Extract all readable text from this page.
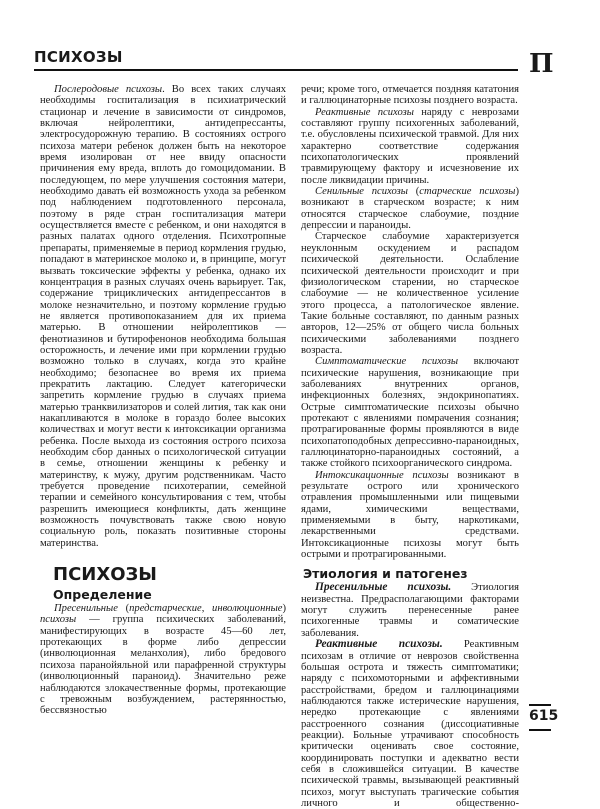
ПСИХОЗЫ	П

Послеродовые психозы. Во всех таких случаях необходимы госпитализация в психиатрический стационар и лечение в зависимости от синдромов, включая нейролептики, антидепрессанты, электросудорожную терапию. В состояниях острого психоза матери ребенок должен быть на некоторое время изолирован от нее ввиду опасности причинения ему вреда, вплоть до гомоцидомании. В последующем, по мере улучшения состояния матери, необходимо давать ей возможность ухода за ребенком под наблюдением подготовленного персонала, поэтому в ряде стран госпитализация матери осуществляется вместе с ребенком, и они находятся в разных палатах одного отделения. Психотропные препараты, применяемые в период кормления грудью, попадают в материнское молоко и, в принципе, могут вызвать токсические эффекты у ребенка, однако их концентрация в разных случаях очень варьирует. Так, содержание трициклических антидепрессантов в молоке незначительно, и поэтому кормление грудью не является противопоказанием для их приема матерью. В отношении нейролептиков — фенотиазинов и бутирофенонов необходима большая осторожность, и лечение ими при кормлении грудью возможно только в случаях, когда это крайне необходимо; безопаснее во время их приема прекратить лактацию. Следует категорически запретить кормление грудью в случаях приема матерью транквилизаторов и солей лития, так как они накапливаются в молоке в гораздо более высоких количествах и могут вести к интоксикации организма ребенка. После выхода из состояния острого психоза необходим сбор данных о психологической ситуации в семье, отношении женщины к ребенку и материнству, к мужу, другим родственникам. Часто требуется проведение психотерапии, семейной терапии и семейного консультирования с тем, чтобы разрешить имеющиеся конфликты, дать женщине возможность почувствовать также свою новую социальную роль, показать позитивные стороны материнства.

ПСИХОЗЫ
Определение

Пресенильные (предстарческие, инволюционные) психозы — группа психических заболеваний, манифестирующих в возрасте 45—60 лет, протекающих в форме либо депрессии (инволюционная меланхолия), либо бредового психоза паранойяльной или парафренной структуры (инволюционный параноид). Значительно реже наблюдаются злокачественные формы, протекающие с тревожным возбуждением, растерянностью, бессвязностью

речи; кроме того, отмечается поздняя кататония и галлюцинаторные психозы позднего возраста.

Реактивные психозы наряду с неврозами составляют группу психогенных заболеваний, т.е. обусловлены психической травмой. Для них характерно соответствие содержания психопатологических проявлений травмирующему фактору и исчезновение их после ликвидации причины.

Сенильные психозы (старческие психозы) возникают в старческом возрасте; к ним относятся старческое слабоумие, поздние депрессии и параноиды.

Старческое слабоумие характеризуется неуклонным оскудением и распадом психической деятельности. Ослабление психической деятельности происходит и при физиологическом старении, но старческое слабоумие — не количественное усиление этого процесса, а патологическое явление. Такие больные составляют, по данным разных авторов, 12—25% от общего числа больных психическими заболеваниями позднего возраста.

Симптоматические психозы включают психические нарушения, возникающие при заболеваниях внутренних органов, инфекционных болезнях, эндокринопатиях. Острые симптоматические психозы обычно протекают с явлениями помрачения сознания; протрагированные формы проявляются в виде психопатоподобных депрессивно-параноидных, галлюцинаторно-параноидных состояний, а также стойкого психоорганического синдрома.

Интоксикационные психозы возникают в результате острого или хронического отравления промышленными или пищевыми ядами, химическими веществами, применяемыми в быту, наркотиками, лекарственными средствами. Интоксикационные психозы могут быть острыми и протрагированными.

Этиология и патогенез

Пресенильные психозы. Этиология неизвестна. Предрасполагающими факторами могут служить перенесенные ранее психогенные травмы и соматические заболевания.

Реактивные психозы. Реактивным психозам в отличие от неврозов свойственна большая острота и тяжесть симптоматики; наряду с психомоторными и аффективными расстройствами, бредом и галлюцинациями наблюдаются также истерические нарушения, нередко протекающие с явлениями расстроенного сознания (диссоциативные реакции). Больные утрачивают способность критически оценивать свое состояние, координировать поступки и адекватно вести себя в сложившейся ситуации. В качестве психической травмы, вызывающей реактивный психоз, могут выступать трагические события личного и общественно-

615
